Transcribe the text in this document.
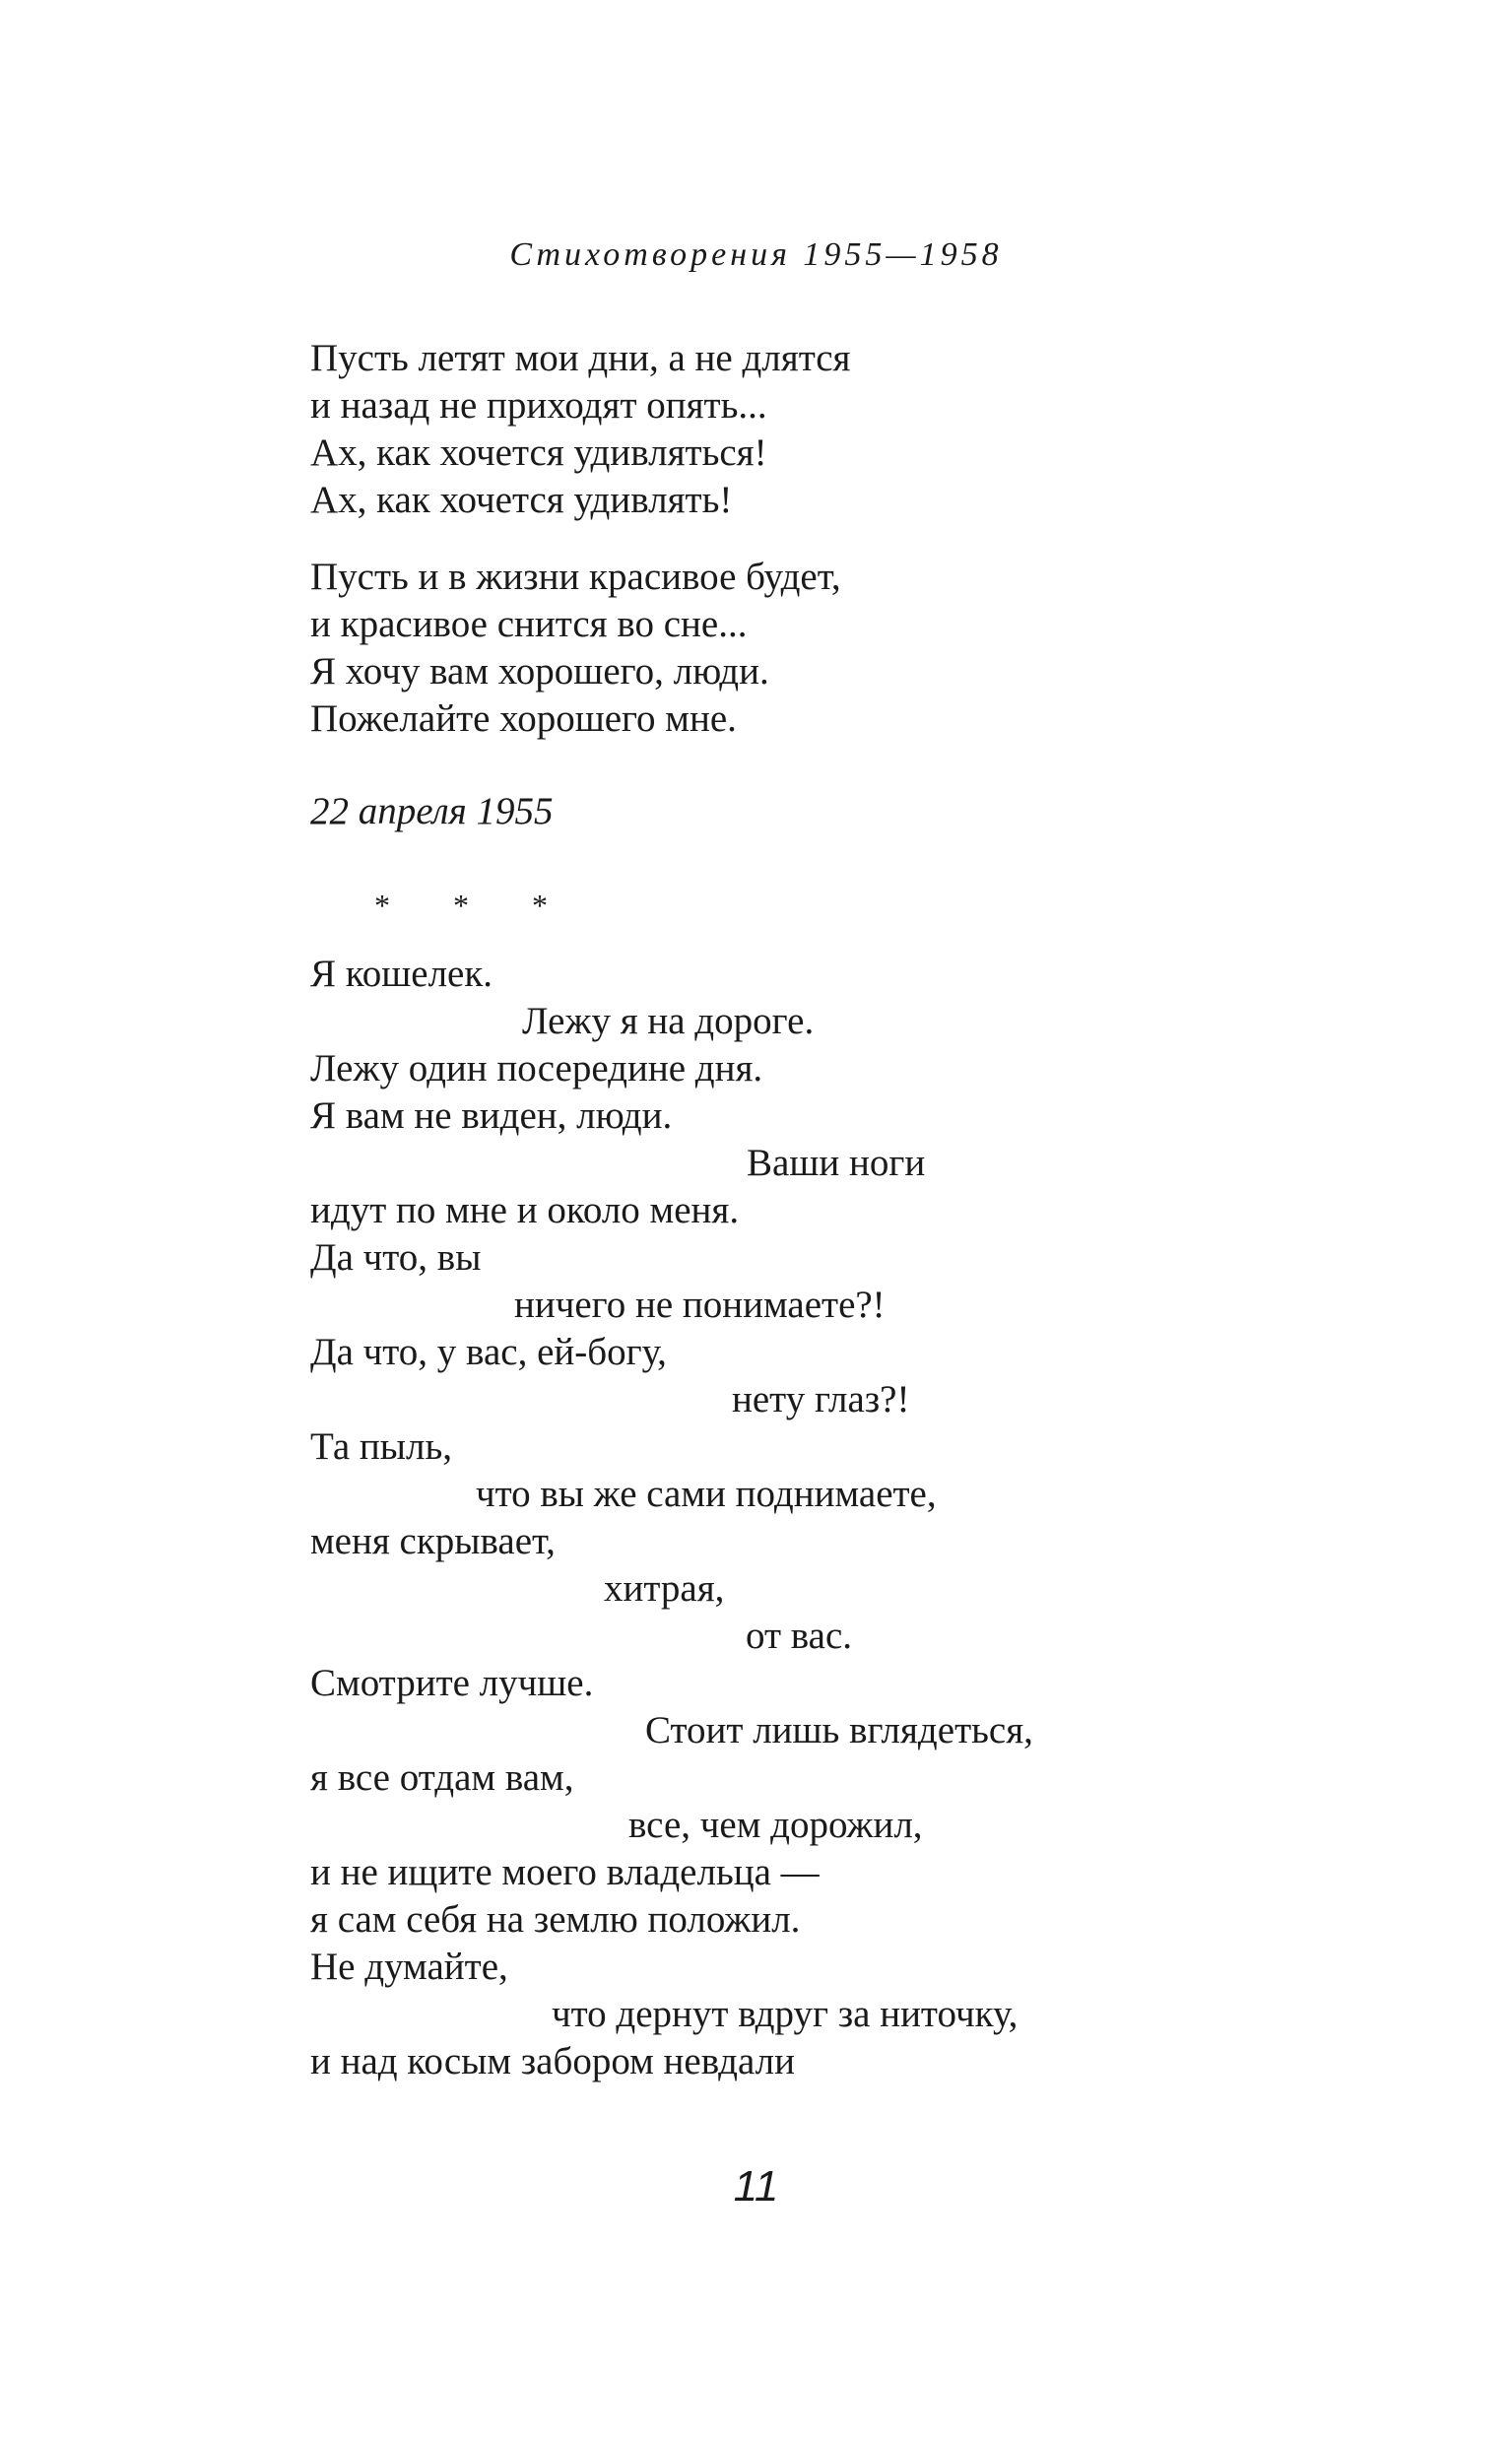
Стихотворения 1955—1958
Пусть летят мои дни, а не длятся
и назад не приходят опять...
Ах, как хочется удивляться!
Ах, как хочется удивлять!
Пусть и в жизни красивое будет,
и красивое снится во сне...
Я хочу вам хорошего, люди.
Пожелайте хорошего мне.
22 апреля 1955
* * *
Я кошелек.
Лежу я на дороге.
Лежу один посередине дня.
Я вам не виден, люди.
Ваши ноги
идут по мне и около меня.
Да что, вы
ничего не понимаете?!
Да что, у вас, ей-богу,
нету глаз?!
Та пыль,
что вы же сами поднимаете,
меня скрывает,
хитрая,
от вас.
Смотрите лучше.
Стоит лишь вглядеться,
я все отдам вам,
все, чем дорожил,
и не ищите моего владельца —
я сам себя на землю положил.
Не думайте,
что дернут вдруг за ниточку,
и над косым забором невдали
11
